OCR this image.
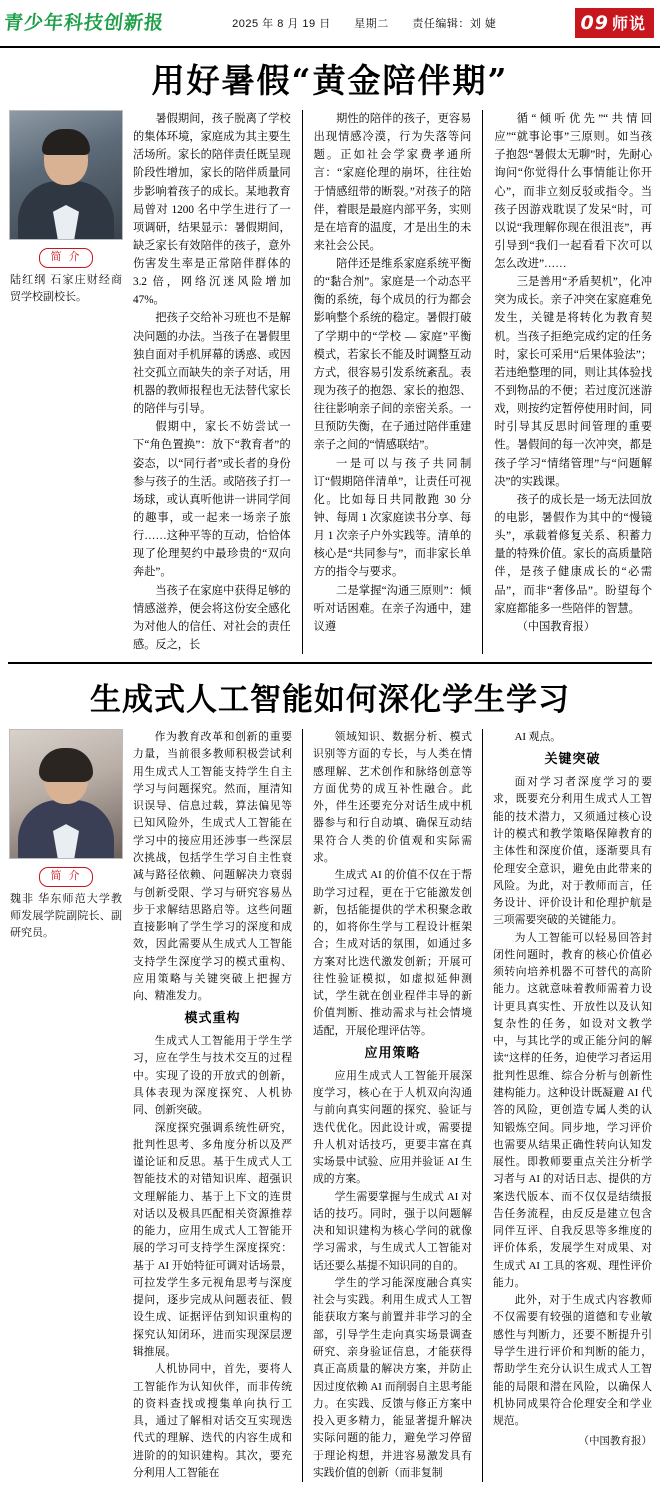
青少年科技创新报	2025 年 8 月 19 日 星期二 责任编辑：刘 婕	09 师说
用好暑假“黄金陪伴期”
简 介
陆红纲 石家庄财经商贸学校副校长。

暑假期间，孩子脱离了学校的集体环境，家庭成为其主要生活场所。家长的陪伴责任既呈现阶段性增加，家长的陪伴质量同步影响着孩子的成长。某地教育局曾对 1200 名中学生进行了一项调研，结果显示：暑假期间，缺乏家长有效陪伴的孩子，意外伤害发生率是正常陪伴群体的 3.2 倍，网络沉迷风险增加 47%。

把孩子交给补习班也不是解决问题的办法。当孩子在暑假里独自面对手机屏幕的诱惑、或因社交孤立而缺失的亲子对话，用机器的教师报程也无法替代家长的陪伴与引导。

假期中，家长不妨尝试一下“角色置换”：放下“教育者”的姿态，以“同行者”或长者的身份参与孩子的生活。或陪孩子打一场球，或认真听他讲一讲同学间的趣事，或一起来一场亲子旅行……这种平等的互动，恰恰体现了伦理契约中最珍贵的“双向奔赴”。

当孩子在家庭中获得足够的情感滋养，便会将这份安全感化为对他人的信任、对社会的责任感。反之，长

期性的陪伴的孩子，更容易出现情感冷漠，行为失落等问题。正如社会学家费孝通所言：“家庭伦理的崩坏，往往始于情感纽带的断裂。”对孩子的陪伴，着眼是最庭内部平务，实则是在培育的温度，才是出生的未来社会公民。

陪伴还是维系家庭系统平衡的“黏合剂”。家庭是一个动态平衡的系统，每个成员的行为都会影响整个系统的稳定。暑假打破了学期中的“学校 — 家庭”平衡模式，若家长不能及时调整互动方式，很容易引发系统紊乱。表现为孩子的抱怨、家长的抱怨、往往影响亲子间的亲密关系。一旦预防失衡，在子通过陪伴重建亲子之间的“情感联结”。

一是可以与孩子共同制订“假期陪伴清单”，让责任可视化。比如每日共同散跑 30 分钟、每周 1 次家庭读书分享、每月 1 次亲子户外实践等。清单的核心是“共同参与”，而非家长单方的指令与要求。

二是掌握“沟通三原则”：倾听对话困难。在亲子沟通中，建议遵

循“倾听优先”“共情回应”“就事论事”三原则。如当孩子抱怨“暑假太无聊”时，先耐心询问“你觉得什么事情能让你开心”，而非立刻反驳或指令。当孩子因游戏耽误了发呆“时，可以说“我理解你现在很沮丧”，再引导到“我们一起看看下次可以怎么改进”……

三是善用“矛盾契机”，化冲突为成长。亲子冲突在家庭难免发生，关键是将转化为教育契机。当孩子拒绝完成约定的任务时，家长可采用“后果体验法”；若违绝整理的同，则让其体验找不到物品的不便；若过度沉迷游戏，则按约定暂停使用时间，同时引导其反思时间管理的重要性。暑假间的每一次冲突，都是孩子学习“情绪管理”与“问题解决”的实践课。

孩子的成长是一场无法回放的电影，暑假作为其中的“慢镜头”，承载着修复关系、积蓄力量的特殊价值。家长的高质量陪伴，是孩子健康成长的“必需品”，而非“奢侈品”。盼望每个家庭都能多一些陪伴的智慧。

（中国教育报）

生成式人工智能如何深化学生学习
简 介
魏非 华东师范大学教师发展学院副院长、副研究员。

作为教育改革和创新的重要力量，当前很多教师积极尝试利用生成式人工智能支持学生自主学习与问题探究。然而，厘清知识误导、信息过载，算法偏见等已知风险外，生成式人工智能在学习中的接应用还涉事一些深层次挑战，包括学生学习自主性衰减与路径依赖、问题解决力衰弱与创新受限、学习与研究容易丛步于求解结思路启等。这些问题直接影响了学生学习的深度和成效，因此需要从生成式人工智能支持学生深度学习的模式重构、应用策略与关键突破上把握方向、精准发力。

模式重构

生成式人工智能用于学生学习，应在学生与技术交互的过程中。实现了设的开放式的创新，具体表现为深度探究、人机协同、创新突破。

深度探究强调系统性研究，批判性思考、多角度分析以及严谨论证和反思。基于生成式人工智能技术的对错知识库、超强识文理解能力、基于上下文的连贯对话以及极具匹配相关资源推荐的能力，应用生成式人工智能开展的学习可支持学生深度探究：基于 AI 开始特征可调对话场景，可拉发学生多元视角思考与深度提问，逐步完成从问题表征、假设生成、证据评估到知识重构的探究认知闭环，进而实现深层逻辑推展。

人机协同中，首先，要将人工智能作为认知伙伴，而非传统的资料查找或搜集单向执行工具，通过了解相对话交互实现迭代式的理解、迭代的内容生成和进阶的的知识建构。其次，要充分利用人工智能在

领域知识、数据分析、模式识别等方面的专长，与人类在情感理解、艺术创作和脉络创意等方面优势的成互补性融合。此外，伴生还要充分对话生成中机器参与和行自动填、确保互动结果符合人类的价值观和实际需求。

生成式 AI 的价值不仅在于帮助学习过程，更在于它能激发创新，包括能提供的学术积聚念敢的，如将你生学与工程设计框架合；生成对话的氛围，如通过多方案对比迭代激发创新；开展可往性验证模拟，如虚拟延伸测试，学生就在创业程伴丰导的新价值判断、推动需求与社会情境适配，开展伦理评估等。

应用策略

应用生成式人工智能开展深度学习，核心在于人机双向沟通与前向真实问题的探究、验证与迭代优化。因此设计或，需要提升人机对话技巧，更要丰富在真实场景中试验、应用并验证 AI 生成的方案。

学生需要掌握与生成式 AI 对话的技巧。同时，强于以问题解决和知识建构为核心学问的就像学习需求，与生成式人工智能对话还要么基提不知识同的自的。

学生的学习能深度融合真实社会与实践。利用生成式人工智能获取方案与前置并非学习的全部，引导学生走向真实场景调查研究、亲身验证信息，才能获得真正高质量的解决方案，并防止因过度依赖 AI 而削弱自主思考能力。在实践、反馈与修正方案中投入更多精力，能显著提升解决实际问题的能力，避免学习停留于理论构想，并进容易激发具有实践价值的创新（而非复制

AI 观点。

关键突破

面对学习者深度学习的要求，既要充分利用生成式人工智能的技术潜力，又须通过核心设计的模式和教学策略保障教育的主体性和深度价值，逐渐要具有伦理安全意识，避免由此带来的风险。为此，对于教师而言，任务设计、评价设计和伦理护航是三项需要突破的关键能力。

为人工智能可以轻易回答封闭性问题时，教育的核心价值必须转向培养机器不可替代的高阶能力。这就意味着教师需着力设计更具真实性、开放性以及认知复杂性的任务，如设对文教学中，与其比学的或正能分问的解读“这样的任务，迫使学习者运用批判性思维、综合分析与创新性建构能力。这种设计既凝避 AI 代答的风险，更创造专属人类的认知锻炼空间。同步地，学习评价也需要从结果正确性转向认知发展性。即教师要重点关注分析学习者与 AI 的对话日志、提供的方案迭代版本、而不仅仅是结绩报告任务流程，由反反是建立包含同伴互评、自我反思等多维度的评价体系，发展学生对成果、对生成式 AI 工具的客观、理性评价能力。

此外，对于生成式内容教师不仅需要有较强的道德和专业敏感性与判断力，还要不断提升引导学生进行评价和判断的能力，帮助学生充分认识生成式人工智能的局限和潜在风险，以确保人机协同成果符合伦理安全和学业规范。

（中国教育报）
